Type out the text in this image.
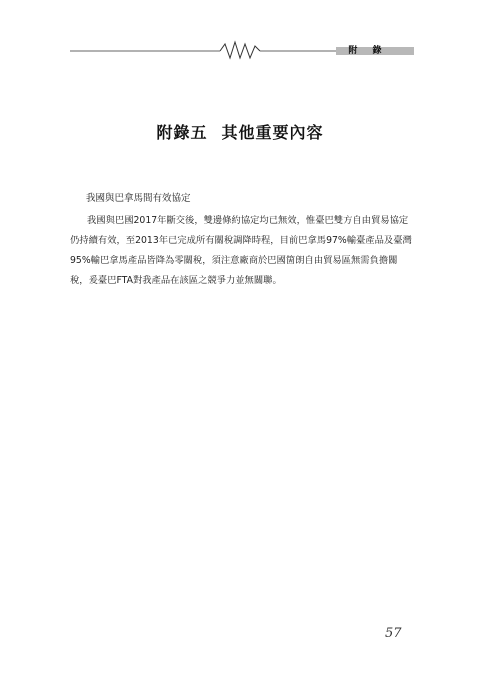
附 錄
附錄五 其他重要內容
我國與巴拿馬間有效協定
我國與巴國2017年斷交後，雙邊條約協定均已無效，惟臺巴雙方自由貿易協定
仍持續有效，至2013年已完成所有關稅調降時程，目前巴拿馬97%輸臺產品及臺灣
95%輸巴拿馬產品皆降為零關稅，須注意廠商於巴國箇朗自由貿易區無需負擔關
稅，爰臺巴FTA對我產品在該區之競爭力並無關聯。
57
